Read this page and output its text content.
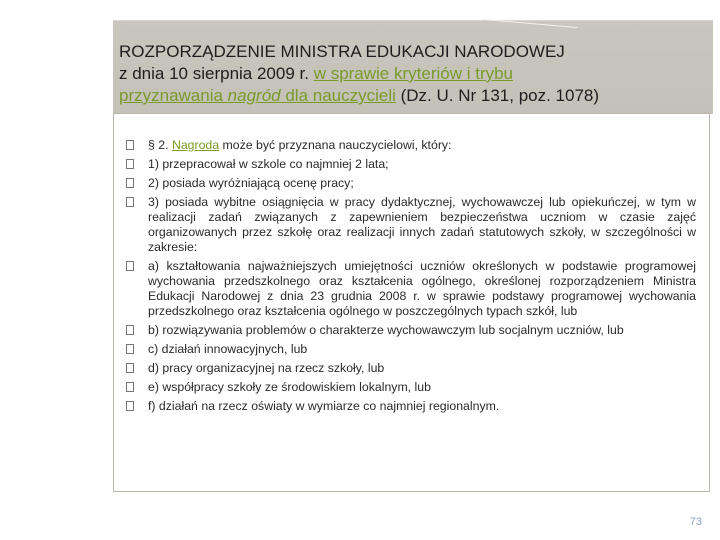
ROZPORZĄDZENIE MINISTRA EDUKACJI NARODOWEJ
z dnia 10 sierpnia 2009 r. w sprawie kryteriów i trybu
przyznawania nagród dla nauczycieli (Dz. U. Nr 131, poz. 1078)
§ 2. Nagroda może być przyznana nauczycielowi, który:
1) przepracował w szkole co najmniej 2 lata;
2) posiada wyróżniającą ocenę pracy;
3) posiada wybitne osiągnięcia w pracy dydaktycznej, wychowawczej lub opiekuńczej, w tym w realizacji zadań związanych z zapewnieniem bezpieczeństwa uczniom w czasie zajęć organizowanych przez szkołę oraz realizacji innych zadań statutowych szkoły, w szczególności w zakresie:
a) kształtowania najważniejszych umiejętności uczniów określonych w podstawie programowej wychowania przedszkolnego oraz kształcenia ogólnego, określonej rozporządzeniem Ministra Edukacji Narodowej z dnia 23 grudnia 2008 r. w sprawie podstawy programowej wychowania przedszkolnego oraz kształcenia ogólnego w poszczególnych typach szkół, lub
b) rozwiązywania problemów o charakterze wychowawczym lub socjalnym uczniów, lub
c) działań innowacyjnych, lub
d) pracy organizacyjnej na rzecz szkoły, lub
e) współpracy szkoły ze środowiskiem lokalnym, lub
f) działań na rzecz oświaty w wymiarze co najmniej regionalnym.
73
